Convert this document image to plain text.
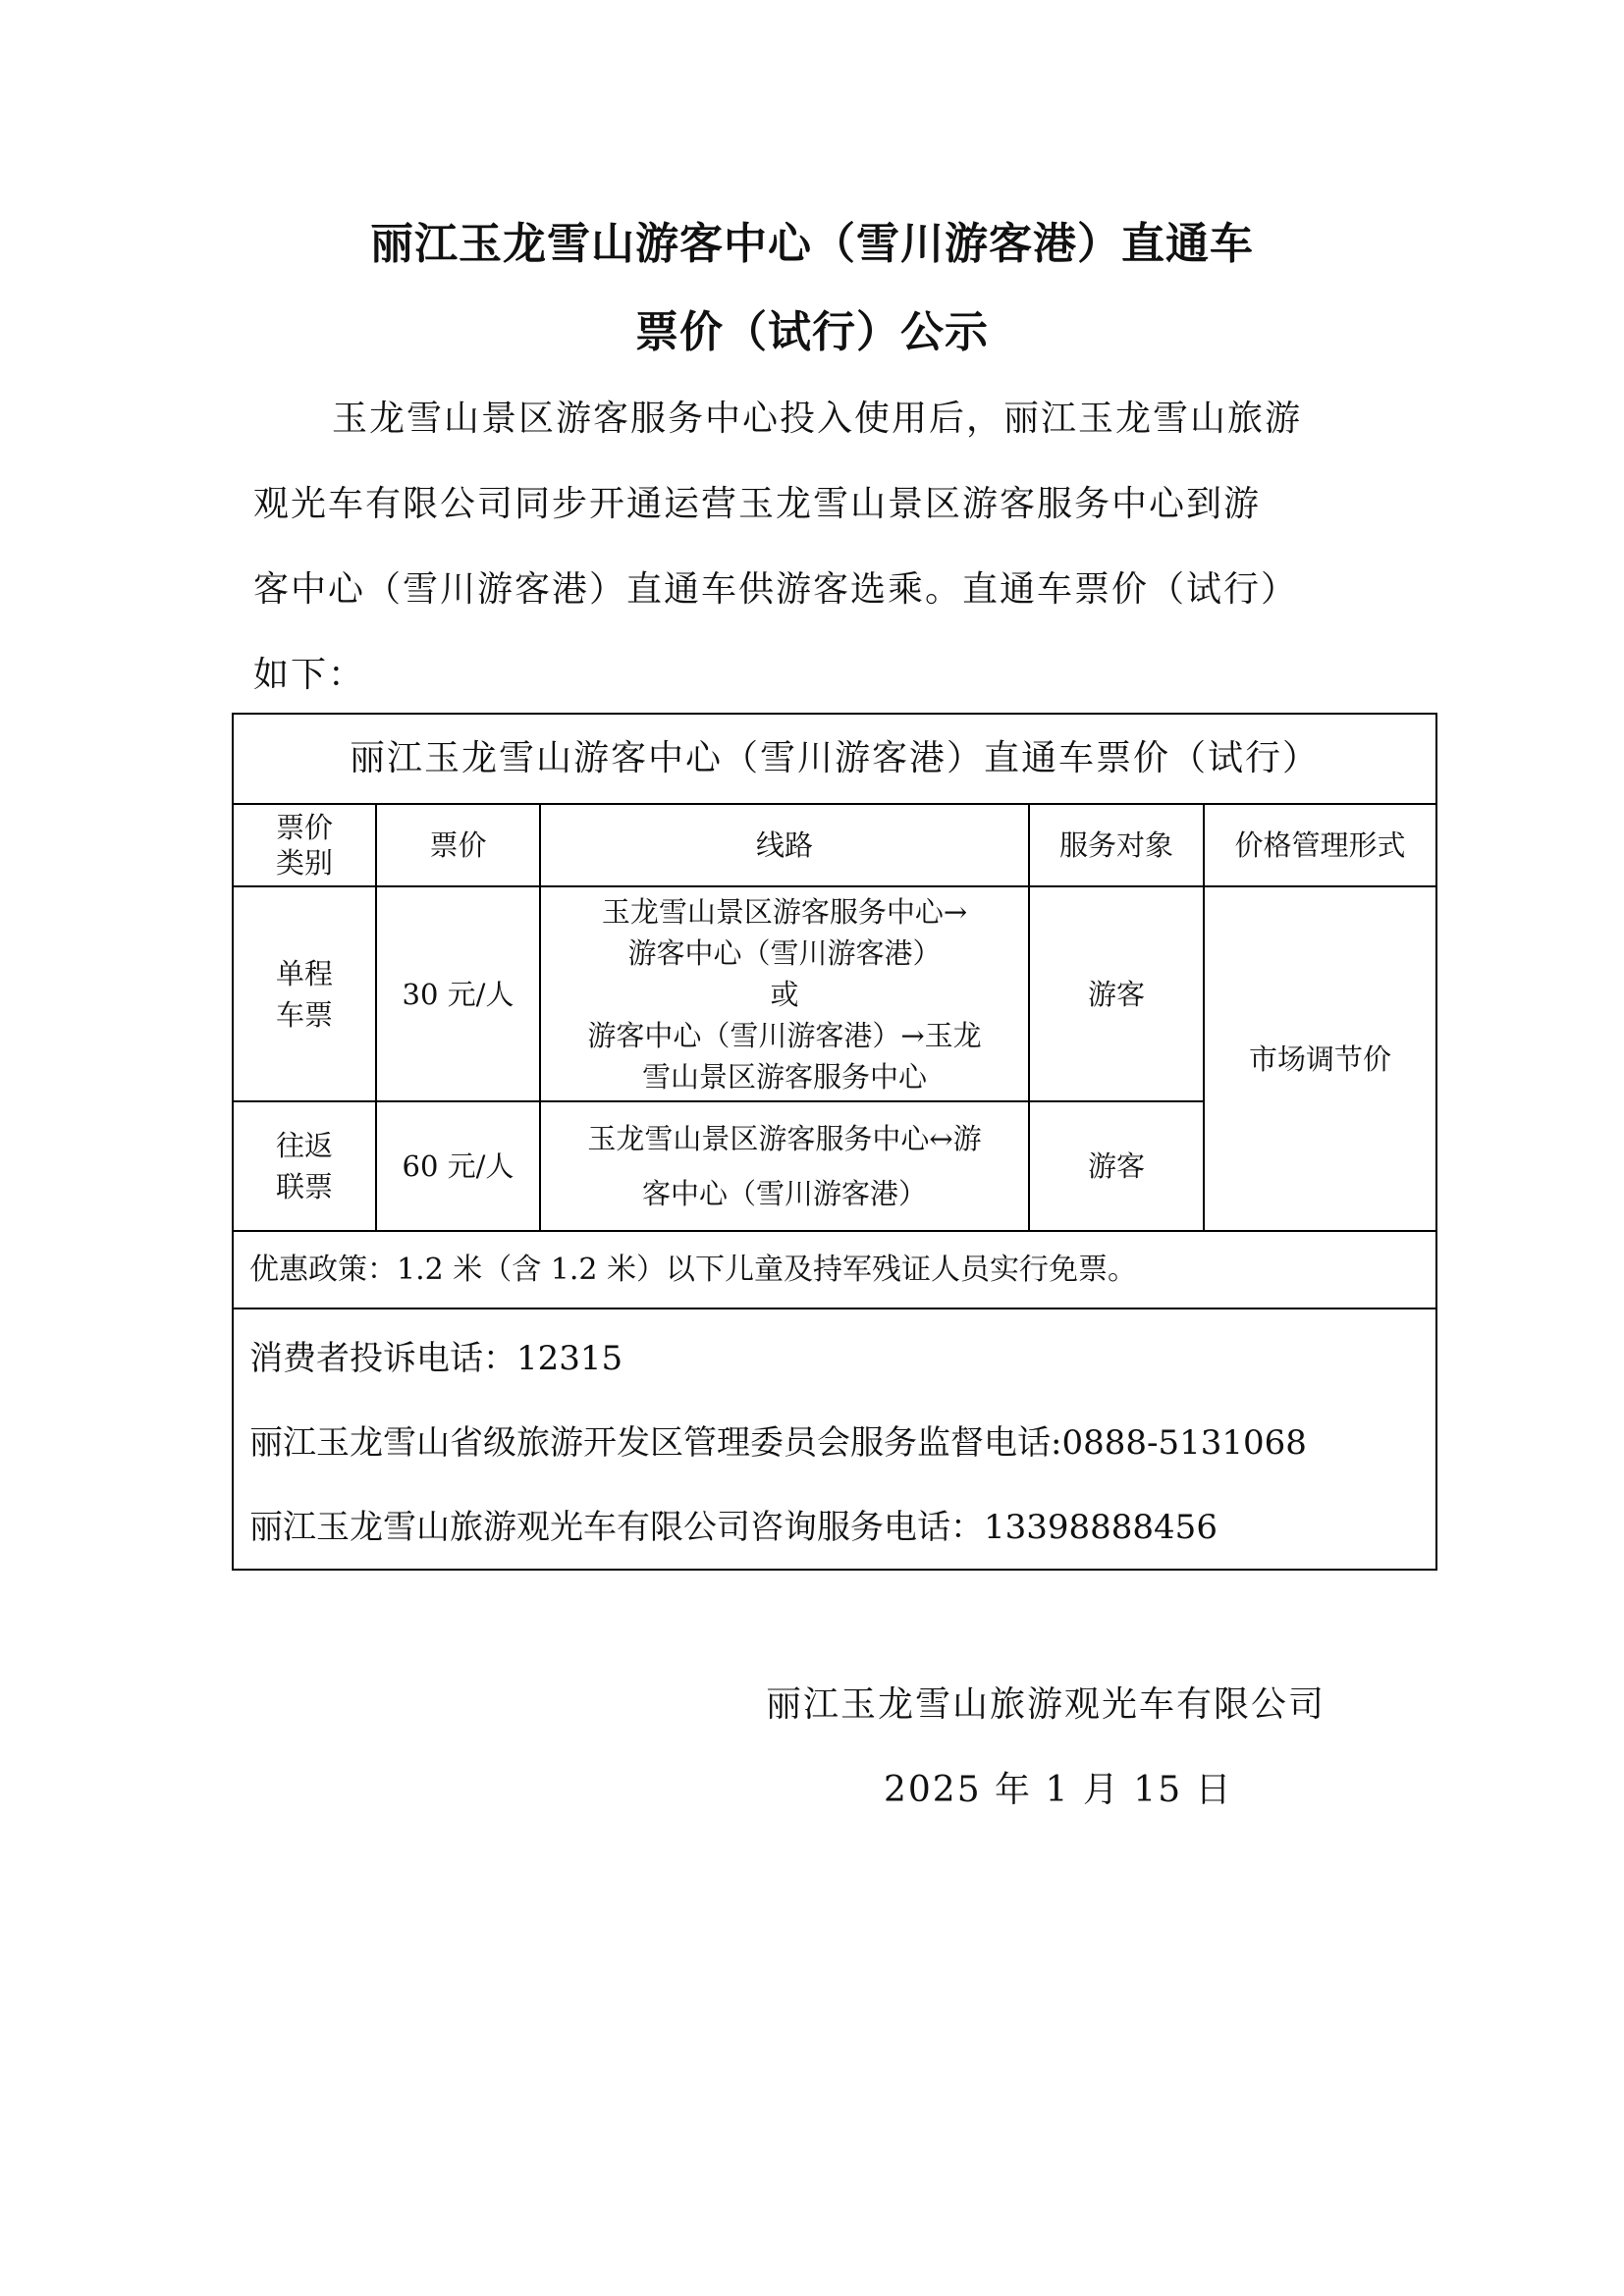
丽江玉龙雪山游客中心（雪川游客港）直通车
票价（试行）公示
玉龙雪山景区游客服务中心投入使用后，丽江玉龙雪山旅游
观光车有限公司同步开通运营玉龙雪山景区游客服务中心到游
客中心（雪川游客港）直通车供游客选乘。直通车票价（试行）
如下：
丽江玉龙雪山游客中心（雪川游客港）直通车票价（试行）				

票价类别	票价	线路	服务对象	价格管理形式

单程车票	30 元/人	玉龙雪山景区游客服务中心→
游客中心（雪川游客港）
或
游客中心（雪川游客港）→玉龙
雪山景区游客服务中心	游客	市场调节价

往返联票	60 元/人	玉龙雪山景区游客服务中心↔游
客中心（雪川游客港）	游客	
优惠政策：1.2 米（含 1.2 米）以下儿童及持军残证人员实行免票。				

消费者投诉电话：12315
丽江玉龙雪山省级旅游开发区管理委员会服务监督电话:0888-5131068
丽江玉龙雪山旅游观光车有限公司咨询服务电话：13398888456				
丽江玉龙雪山旅游观光车有限公司
2025 年 1 月 15 日
